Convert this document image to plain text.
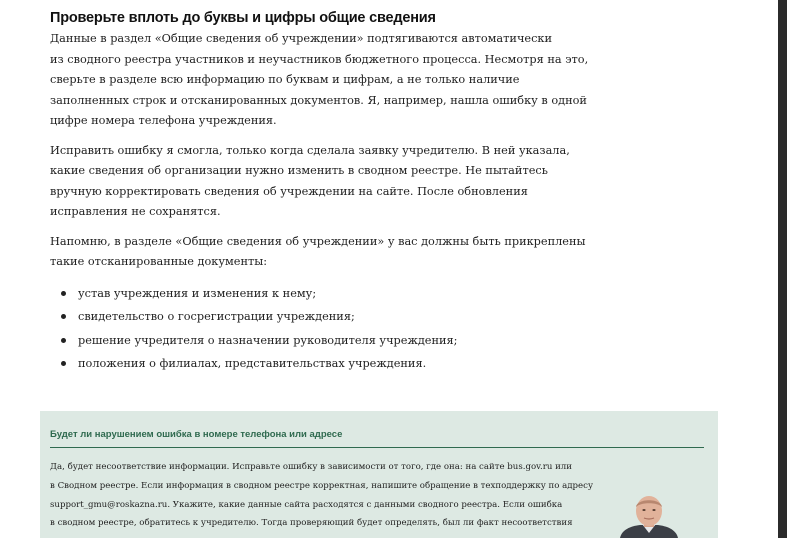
Проверьте вплоть до буквы и цифры общие сведения

Данные в раздел «Общие сведения об учреждении» подтягиваются автоматически
из сводного реестра участников и неучастников бюджетного процесса. Несмотря на это,
сверьте в разделе всю информацию по буквам и цифрам, а не только наличие
заполненных строк и отсканированных документов. Я, например, нашла ошибку в одной
цифре номера телефона учреждения.

Исправить ошибку я смогла, только когда сделала заявку учредителю. В ней указала,
какие сведения об организации нужно изменить в сводном реестре. Не пытайтесь
вручную корректировать сведения об учреждении на сайте. После обновления
исправления не сохранятся.

Напомню, в разделе «Общие сведения об учреждении» у вас должны быть прикреплены
такие отсканированные документы:

устав учреждения и изменения к нему;
свидетельство о госрегистрации учреждения;
решение учредителя о назначении руководителя учреждения;
положения о филиалах, представительствах учреждения.
Будет ли нарушением ошибка в номере телефона или адресе
Да, будет несоответствие информации. Исправьте ошибку в зависимости от того, где она: на сайте bus.gov.ru или
в Сводном реестре. Если информация в сводном реестре корректная, напишите обращение в техподдержку по адресу
support_gmu@roskazna.ru. Укажите, какие данные сайта расходятся с данными сводного реестра. Если ошибка
в сводном реестре, обратитесь к учредителю. Тогда проверяющий будет определять, был ли факт несоответствия
